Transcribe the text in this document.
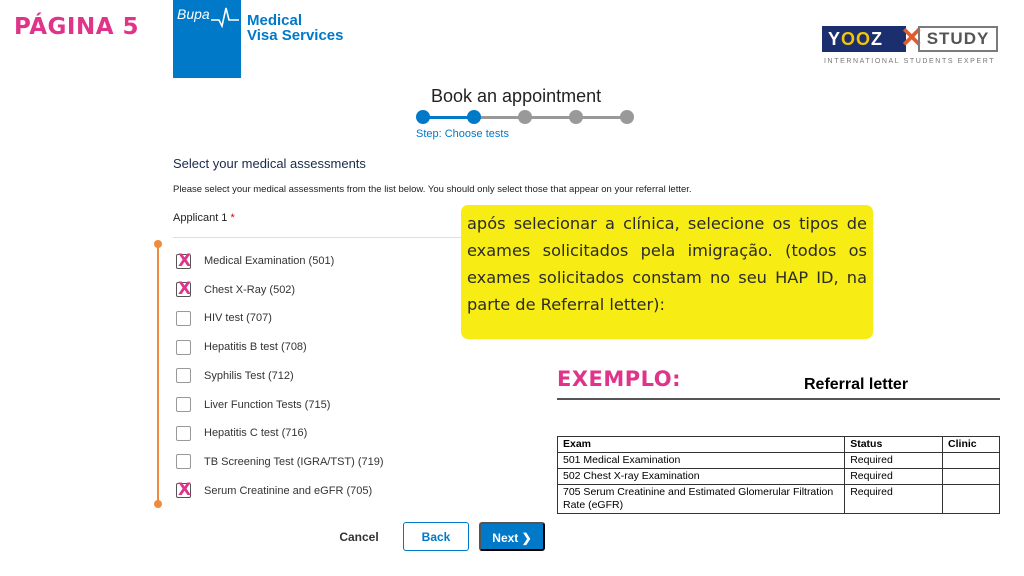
PÁGINA 5	Bupa Medical
Visa Services	YOOZ ✕ STUDY
INTERNATIONAL STUDENTS EXPERT
Book an appointment
Step: Choose tests
Select your medical assessments
Please select your medical assessments from the list below. You should only select those that appear on your referral letter.
Applicant 1 *
X Medical Examination (501)
X Chest X-Ray (502)
HIV test (707)
Hepatitis B test (708)
Syphilis Test (712)
Liver Function Tests (715)
Hepatitis C test (716)
TB Screening Test (IGRA/TST) (719)
X Serum Creatinine and eGFR (705)
após selecionar a clínica, selecione os tipos de exames solicitados pela imigração. (todos os exames solicitados constam no seu HAP ID, na parte de Referral letter):
EXEMPLO:	Referral letter
Exam	Status	Clinic
501 Medical Examination	Required	
502 Chest X-ray Examination	Required	
705 Serum Creatinine and Estimated Glomerular Filtration Rate (eGFR)	Required	
Cancel	Back	Next ❯
